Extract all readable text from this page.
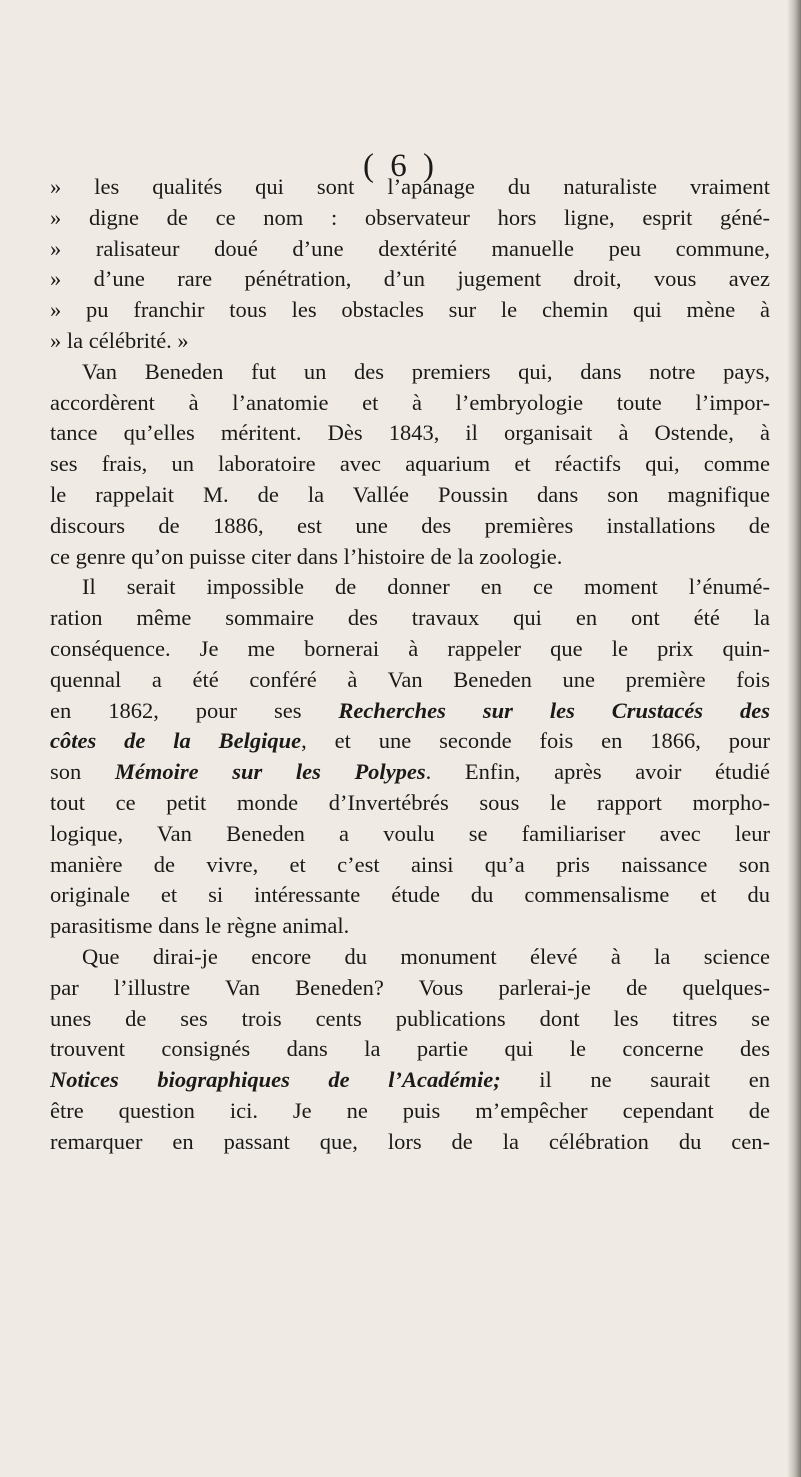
( 6 )
» les qualités qui sont l’apanage du naturaliste vraiment
» digne de ce nom : observateur hors ligne, esprit géné-
» ralisateur doué d’une dextérité manuelle peu commune,
» d’une rare pénétration, d’un jugement droit, vous avez
» pu franchir tous les obstacles sur le chemin qui mène à
» la célébrité. »
Van Beneden fut un des premiers qui, dans notre pays,
accordèrent à l’anatomie et à l’embryologie toute l’impor-
tance qu’elles méritent. Dès 1843, il organisait à Ostende, à
ses frais, un laboratoire avec aquarium et réactifs qui, comme
le rappelait M. de la Vallée Poussin dans son magnifique
discours de 1886, est une des premières installations de
ce genre qu’on puisse citer dans l’histoire de la zoologie.
Il serait impossible de donner en ce moment l’énumé-
ration même sommaire des travaux qui en ont été la
conséquence. Je me bornerai à rappeler que le prix quin-
quennal a été conféré à Van Beneden une première fois
en 1862, pour ses Recherches sur les Crustacés des
côtes de la Belgique, et une seconde fois en 1866, pour
son Mémoire sur les Polypes. Enfin, après avoir étudié
tout ce petit monde d’Invertébrés sous le rapport morpho-
logique, Van Beneden a voulu se familiariser avec leur
manière de vivre, et c’est ainsi qu’a pris naissance son
originale et si intéressante étude du commensalisme et du
parasitisme dans le règne animal.
Que dirai-je encore du monument élevé à la science
par l’illustre Van Beneden? Vous parlerai-je de quelques-
unes de ses trois cents publications dont les titres se
trouvent consignés dans la partie qui le concerne des
Notices biographiques de l’Académie; il ne saurait en
être question ici. Je ne puis m’empêcher cependant de
remarquer en passant que, lors de la célébration du cen-
